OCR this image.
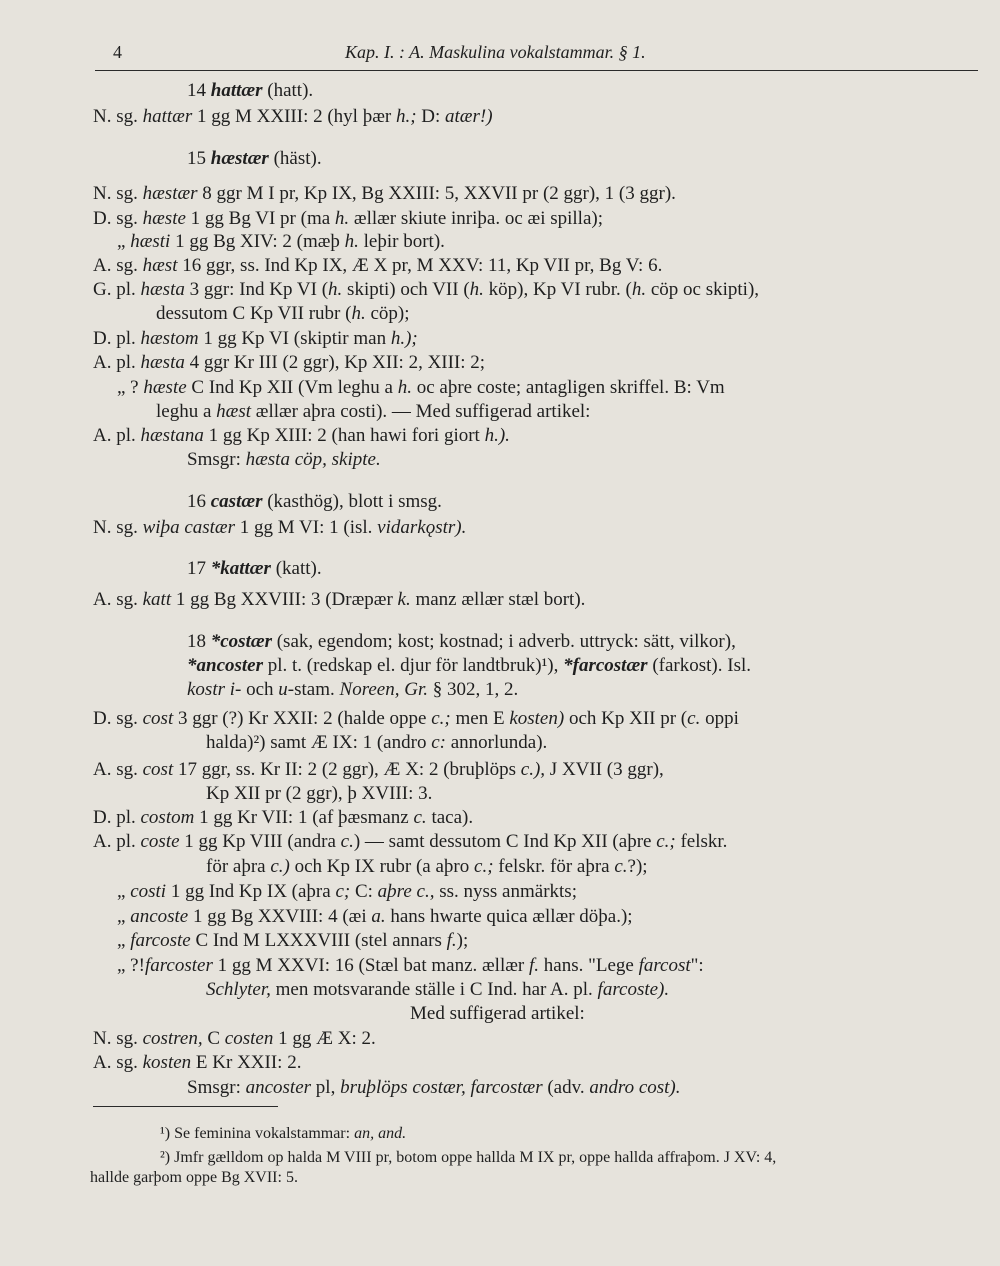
4	Kap. I. : A. Maskulina vokalstammar. § 1.
14 hattær (hatt).
N. sg. hattær 1 gg M XXIII: 2 (hyl þær h.; D: atær!)
15 hæstær (häst).
N. sg. hæstær 8 ggr M I pr, Kp IX, Bg XXIII: 5, XXVII pr (2 ggr), 1 (3 ggr).
D. sg. hæste 1 gg Bg VI pr (ma h. ællær skiute inriþa. oc æi spilla);
„ hæsti 1 gg Bg XIV: 2 (mæþ h. leþir bort).
A. sg. hæst 16 ggr, ss. Ind Kp IX, Æ X pr, M XXV: 11, Kp VII pr, Bg V: 6.
G. pl. hæsta 3 ggr: Ind Kp VI (h. skipti) och VII (h. köp), Kp VI rubr. (h. cöp oc skipti),
dessutom C Kp VII rubr (h. cöp);
D. pl. hæstom 1 gg Kp VI (skiptir man h.);
A. pl. hæsta 4 ggr Kr III (2 ggr), Kp XII: 2, XIII: 2;
„ ? hæste C Ind Kp XII (Vm leghu a h. oc aþre coste; antagligen skriffel. B: Vm
leghu a hæst ællær aþra costi). — Med suffigerad artikel:
A. pl. hæstana 1 gg Kp XIII: 2 (han hawi fori giort h.).
Smsgr: hæsta cöp, skipte.
16 castær (kasthög), blott i smsg.
N. sg. wiþa castær 1 gg M VI: 1 (isl. vidarkǫstr).
17 *kattær (katt).
A. sg. katt 1 gg Bg XXVIII: 3 (Dræpær k. manz ællær stæl bort).
18 *costær (sak, egendom; kost; kostnad; i adverb. uttryck: sätt, vilkor),
*ancoster pl. t. (redskap el. djur för landtbruk)¹), *farcostær (farkost). Isl.
kostr i- och u-stam. Noreen, Gr. § 302, 1, 2.
D. sg. cost 3 ggr (?) Kr XXII: 2 (halde oppe c.; men E kosten) och Kp XII pr (c. oppi
halda)²) samt Æ IX: 1 (andro c: annorlunda).
A. sg. cost 17 ggr, ss. Kr II: 2 (2 ggr), Æ X: 2 (bruþlöps c.), J XVII (3 ggr),
Kp XII pr (2 ggr), þ XVIII: 3.
D. pl. costom 1 gg Kr VII: 1 (af þæsmanz c. taca).
A. pl. coste 1 gg Kp VIII (andra c.) — samt dessutom C Ind Kp XII (aþre c.; felskr.
för aþra c.) och Kp IX rubr (a aþro c.; felskr. för aþra c.?);
„ costi 1 gg Ind Kp IX (aþra c; C: aþre c., ss. nyss anmärkts;
„ ancoste 1 gg Bg XXVIII: 4 (æi a. hans hwarte quica ællær döþa.);
„ farcoste C Ind M LXXXVIII (stel annars f.);
„ ?!farcoster 1 gg M XXVI: 16 (Stæl bat manz. ællær f. hans. "Lege farcost":
Schlyter, men motsvarande ställe i C Ind. har A. pl. farcoste).
Med suffigerad artikel:
N. sg. costren, C costen 1 gg Æ X: 2.
A. sg. kosten E Kr XXII: 2.
Smsgr: ancoster pl, bruþlöps costær, farcostær (adv. andro cost).
¹) Se feminina vokalstammar: an, and.
²) Jmfr gælldom op halda M VIII pr, botom oppe hallda M IX pr, oppe hallda affraþom. J XV: 4,
hallde garþom oppe Bg XVII: 5.
